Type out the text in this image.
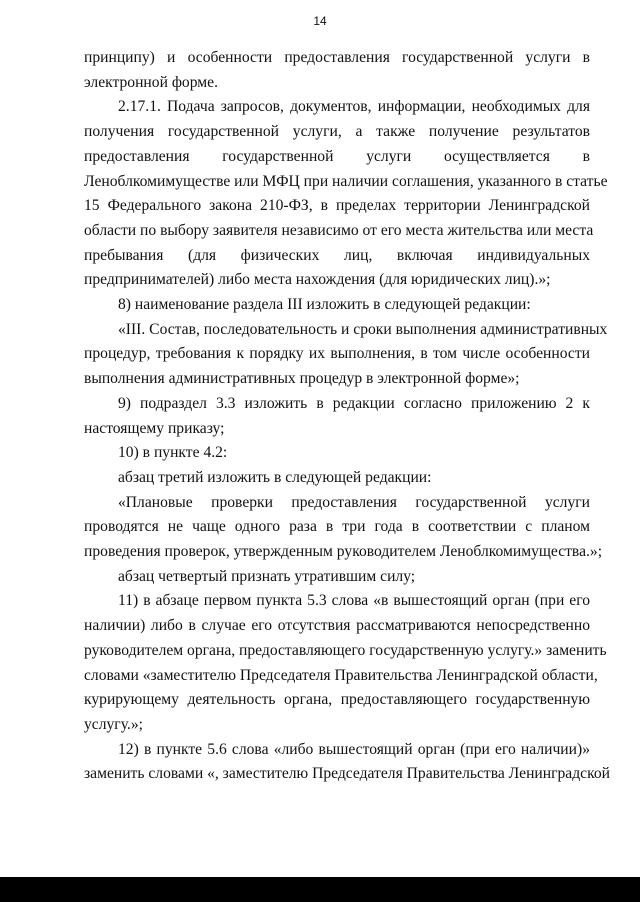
14
принципу) и особенности предоставления государственной услуги в
электронной форме.
2.17.1. Подача запросов, документов, информации, необходимых для
получения государственной услуги, а также получение результатов
предоставления государственной услуги осуществляется в
Леноблкомимуществе или МФЦ при наличии соглашения, указанного в статье
15 Федерального закона 210-ФЗ, в пределах территории Ленинградской
области по выбору заявителя независимо от его места жительства или места
пребывания (для физических лиц, включая индивидуальных
предпринимателей) либо места нахождения (для юридических лиц).»;
8) наименование раздела III изложить в следующей редакции:
«III. Состав, последовательность и сроки выполнения административных
процедур, требования к порядку их выполнения, в том числе особенности
выполнения административных процедур в электронной форме»;
9) подраздел 3.3 изложить в редакции согласно приложению 2 к
настоящему приказу;
10) в пункте 4.2:
абзац третий изложить в следующей редакции:
«Плановые проверки предоставления государственной услуги
проводятся не чаще одного раза в три года в соответствии с планом
проведения проверок, утвержденным руководителем Леноблкомимущества.»;
абзац четвертый признать утратившим силу;
11) в абзаце первом пункта 5.3 слова «в вышестоящий орган (при его
наличии) либо в случае его отсутствия рассматриваются непосредственно
руководителем органа, предоставляющего государственную услугу.» заменить
словами «заместителю Председателя Правительства Ленинградской области,
курирующему деятельность органа, предоставляющего государственную
услугу.»;
12) в пункте 5.6 слова «либо вышестоящий орган (при его наличии)»
заменить словами «, заместителю Председателя Правительства Ленинградской
